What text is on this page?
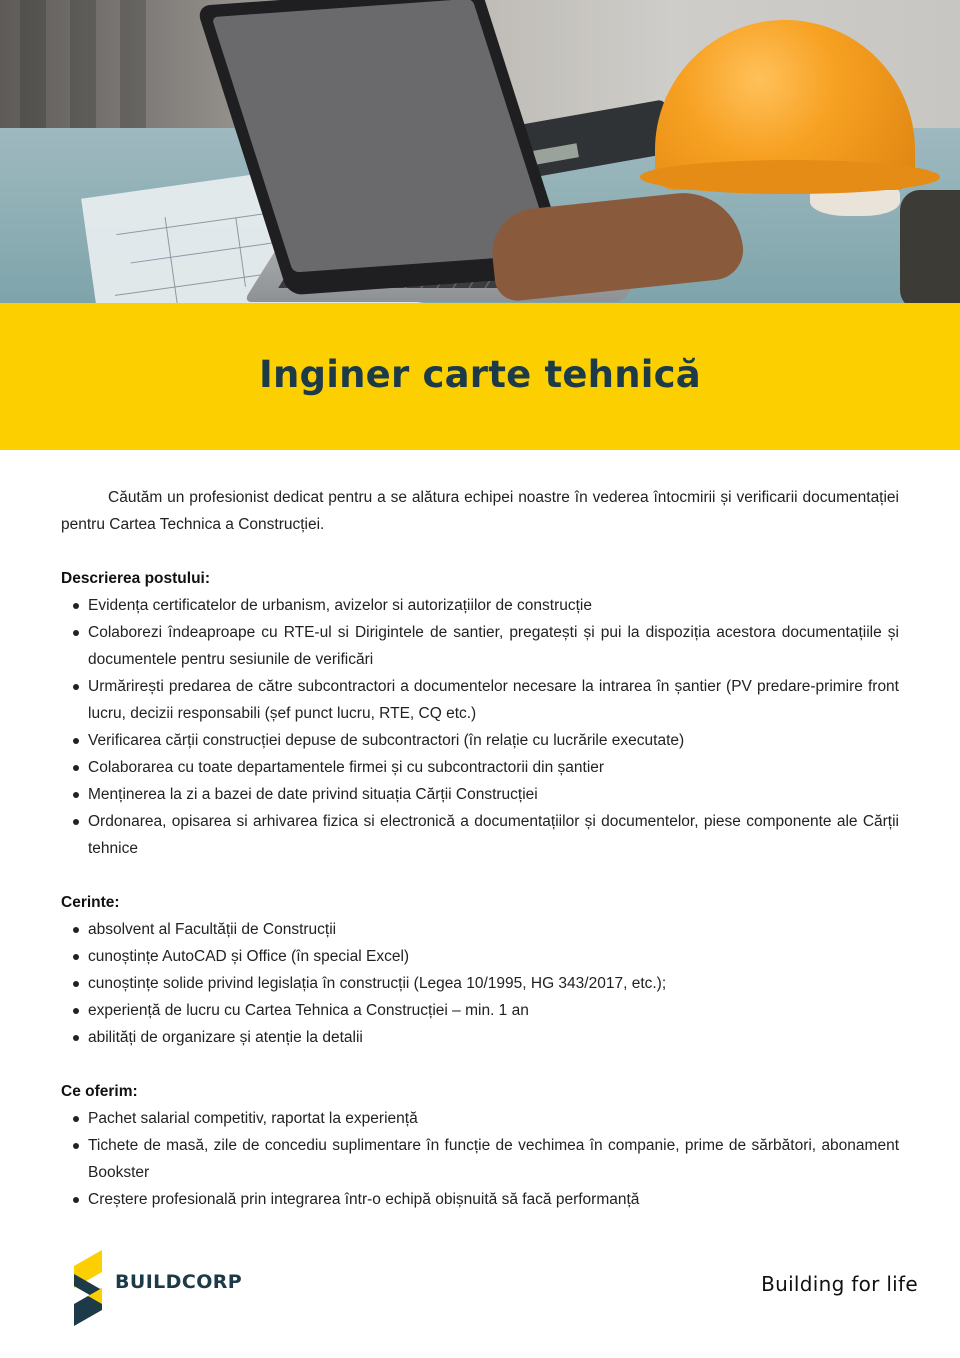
Inginer carte tehnică

Căutăm un profesionist dedicat pentru a se alătura echipei noastre în vederea întocmirii și verificarii documentației pentru Cartea Technica a Construcției.

Descrierea postului:
Evidența certificatelor de urbanism, avizelor si autorizațiilor de construcție
Colaborezi îndeaproape cu RTE-ul si Dirigintele de santier, pregatești și pui la dispoziția acestora documentațiile și documentele pentru sesiunile de verificări
Urmărirești predarea de către subcontractori a documentelor necesare la intrarea în șantier (PV predare-primire front lucru, decizii responsabili (șef punct lucru, RTE, CQ etc.)
Verificarea cărții construcției depuse de subcontractori (în relație cu lucrările executate)
Colaborarea cu toate departamentele firmei și cu subcontractorii din șantier
Menținerea la zi a bazei de date privind situația Cărții Construcției
Ordonarea, opisarea si arhivarea fizica si electronică a documentațiilor și documentelor, piese componente ale Cărții tehnice
Cerinte:
absolvent al Facultății de Construcții
cunoștințe AutoCAD și Office (în special Excel)
cunoștințe solide privind legislația în construcții (Legea 10/1995, HG 343/2017, etc.);
experiență de lucru cu Cartea Tehnica a Construcției – min. 1 an
abilități de organizare și atenție la detalii
Ce oferim:
Pachet salarial competitiv, raportat la experiență
Tichete de masă, zile de concediu suplimentare în funcție de vechimea în companie, prime de sărbători, abonament Bookster
Creștere profesională prin integrarea într-o echipă obișnuită să facă performanță
BUILDCORP	Building for life
